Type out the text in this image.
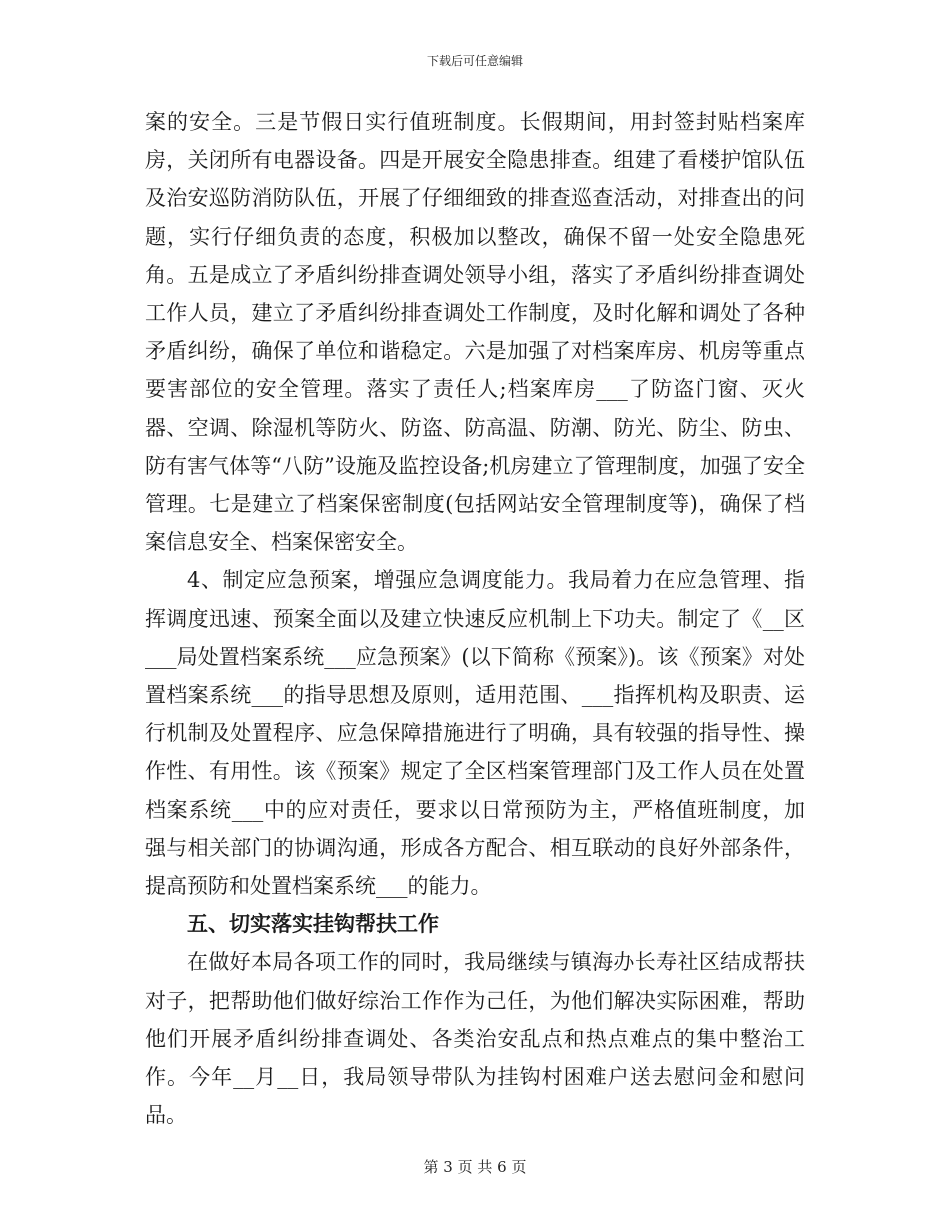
下载后可任意编辑

案的安全。三是节假日实行值班制度。长假期间，用封签封贴档案库房，关闭所有电器设备。四是开展安全隐患排查。组建了看楼护馆队伍及治安巡防消防队伍，开展了仔细细致的排查巡查活动，对排查出的问题，实行仔细负责的态度，积极加以整改，确保不留一处安全隐患死角。五是成立了矛盾纠纷排查调处领导小组，落实了矛盾纠纷排查调处工作人员，建立了矛盾纠纷排查调处工作制度，及时化解和调处了各种矛盾纠纷，确保了单位和谐稳定。六是加强了对档案库房、机房等重点要害部位的安全管理。落实了责任人;档案库房___了防盗门窗、灭火器、空调、除湿机等防火、防盗、防高温、防潮、防光、防尘、防虫、防有害气体等“八防”设施及监控设备;机房建立了管理制度，加强了安全管理。七是建立了档案保密制度(包括网站安全管理制度等)，确保了档案信息安全、档案保密安全。

4、制定应急预案，增强应急调度能力。我局着力在应急管理、指挥调度迅速、预案全面以及建立快速反应机制上下功夫。制定了《__区___局处置档案系统___应急预案》(以下简称《预案》)。该《预案》对处置档案系统___的指导思想及原则，适用范围、___指挥机构及职责、运行机制及处置程序、应急保障措施进行了明确，具有较强的指导性、操作性、有用性。该《预案》规定了全区档案管理部门及工作人员在处置档案系统___中的应对责任，要求以日常预防为主，严格值班制度，加强与相关部门的协调沟通，形成各方配合、相互联动的良好外部条件，提高预防和处置档案系统___的能力。

五、切实落实挂钩帮扶工作

在做好本局各项工作的同时，我局继续与镇海办长寿社区结成帮扶对子，把帮助他们做好综治工作作为己任，为他们解决实际困难，帮助他们开展矛盾纠纷排查调处、各类治安乱点和热点难点的集中整治工作。今年__月__日，我局领导带队为挂钩村困难户送去慰问金和慰问品。

第 3 页 共 6 页
